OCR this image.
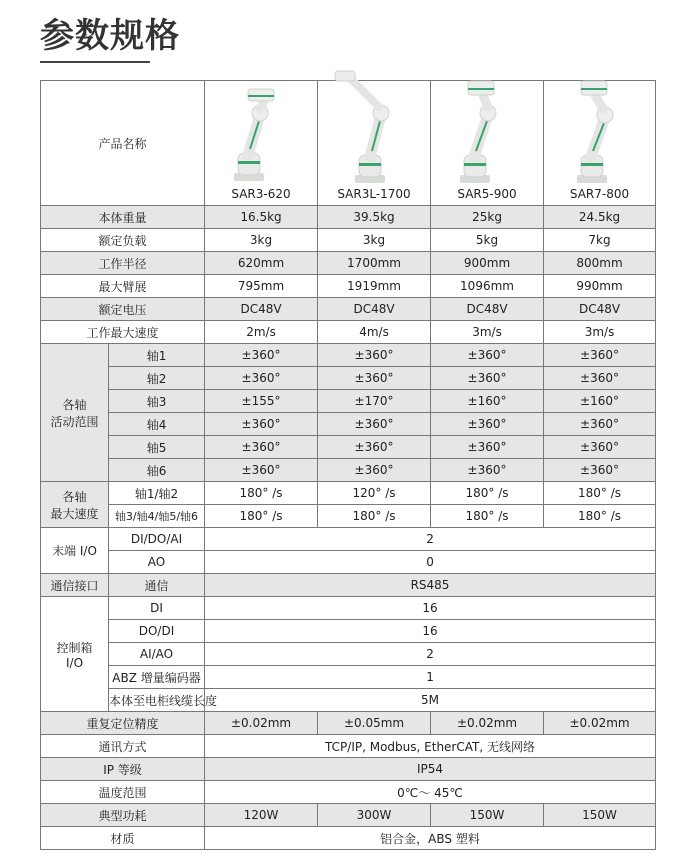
参数规格
产品名称		SAR3-620	SAR3L-1700	SAR5-900	SAR7-800

本体重量		16.5kg	39.5kg	25kg	24.5kg
额定负载		3kg	3kg	5kg	7kg
工作半径		620mm	1700mm	900mm	800mm
最大臂展		795mm	1919mm	1096mm	990mm
额定电压		DC48V	DC48V	DC48V	DC48V
工作最大速度		2m/s	4m/s	3m/s	3m/s

各轴
活动范围	轴1	±360°	±360°	±360°	±360°
	轴2	±360°	±360°	±360°	±360°
	轴3	±155°	±170°	±160°	±160°
	轴4	±360°	±360°	±360°	±360°
	轴5	±360°	±360°	±360°	±360°
	轴6	±360°	±360°	±360°	±360°

各轴
最大速度	轴1/轴2	180° /s	120° /s	180° /s	180° /s
	轴3/轴4/轴5/轴6	180° /s	180° /s	180° /s	180° /s
末端 I/O	DI/DO/AI	2			
	AO	0			
通信接口	通信	RS485			

控制箱
I/O	DI	16			
	DO/DI	16			
	AI/AO	2			
	ABZ 增量编码器	1			
	本体至电柜线缆长度	5M			
重复定位精度		±0.02mm	±0.05mm	±0.02mm	±0.02mm
通讯方式		TCP/IP, Modbus, EtherCAT, 无线网络			
IP 等级		IP54			
温度范围		0℃～ 45℃			
典型功耗		120W	300W	150W	150W
材质		铝合金，ABS 塑料			
